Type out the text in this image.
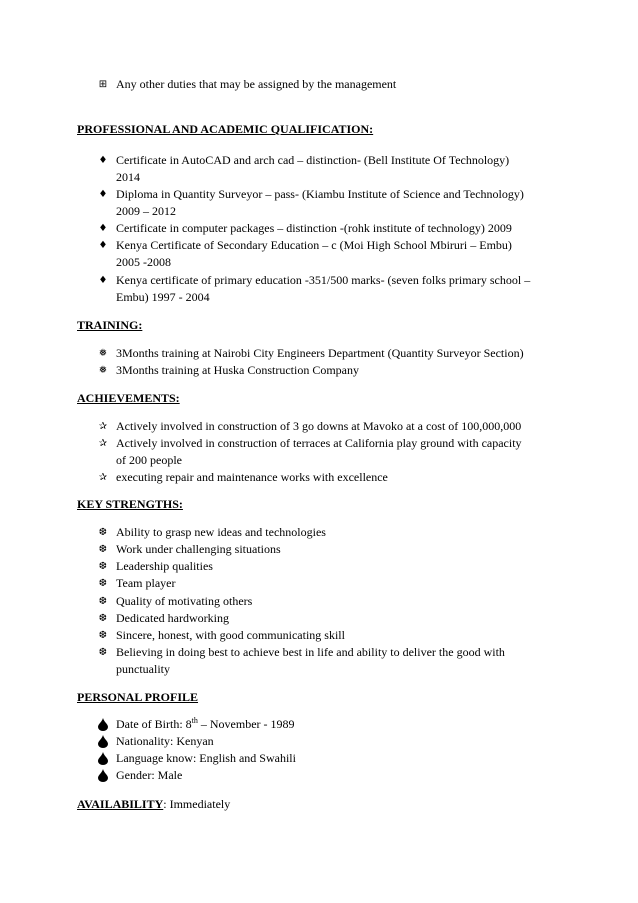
⊞ Any other duties that may be assigned by the management
PROFESSIONAL AND ACADEMIC QUALIFICATION:
♦ Certificate in AutoCAD and arch cad – distinction- (Bell Institute Of Technology)
2014
♦ Diploma in Quantity Surveyor – pass- (Kiambu Institute of Science and Technology)
2009 – 2012
♦ Certificate in computer packages – distinction -(rohk institute of technology) 2009
♦ Kenya Certificate of Secondary Education – c (Moi High School Mbiruri – Embu)
2005 -2008
♦ Kenya certificate of primary education -351/500 marks- (seven folks primary school –
Embu) 1997 - 2004
TRAINING:
❅ 3Months training at Nairobi City Engineers Department (Quantity Surveyor Section)
❅ 3Months training at Huska Construction Company
ACHIEVEMENTS:
✰ Actively involved in construction of 3 go downs at Mavoko at a cost of 100,000,000
✰ Actively involved in construction of terraces at California play ground with capacity
of 200 people
✰ executing repair and maintenance works with excellence
KEY STRENGTHS:
❆ Ability to grasp new ideas and technologies
❆ Work under challenging situations
❆ Leadership qualities
❆ Team player
❆ Quality of motivating others
❆ Dedicated hardworking
❆ Sincere, honest, with good communicating skill
❆ Believing in doing best to achieve best in life and ability to deliver the good with
punctuality
PERSONAL PROFILE
Date of Birth: 8th – November - 1989
Nationality: Kenyan
Language know: English and Swahili
Gender: Male
AVAILABILITY: Immediately
